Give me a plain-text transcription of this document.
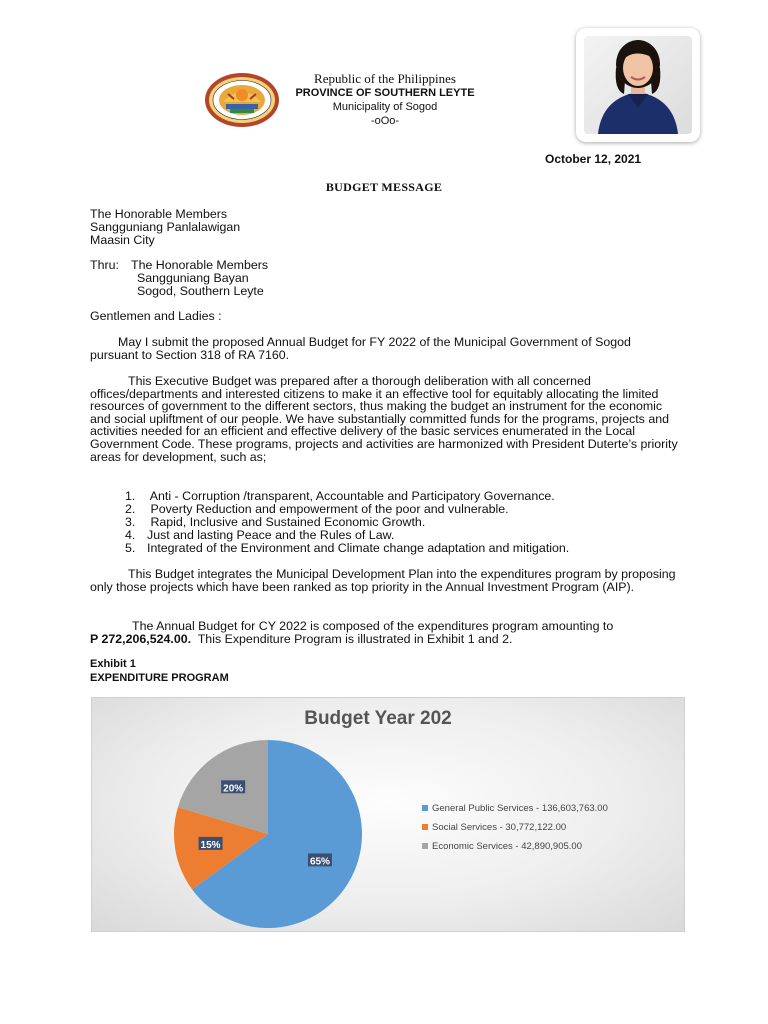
Republic of the Philippines
PROVINCE OF SOUTHERN LEYTE
Municipality of Sogod
-oOo-
October 12, 2021
BUDGET MESSAGE
The Honorable Members
Sangguniang Panlalawigan
Maasin City
Thru: The Honorable Members
Sangguniang Bayan
Sogod, Southern Leyte
Gentlemen and Ladies :
May I submit the proposed Annual Budget for FY 2022 of the Municipal Government of Sogod pursuant to Section 318 of RA 7160.
This Executive Budget was prepared after a thorough deliberation with all concerned offices/departments and interested citizens to make it an effective tool for equitably allocating the limited resources of government to the different sectors, thus making the budget an instrument for the economic and social upliftment of our people. We have substantially committed funds for the programs, projects and activities needed for an efficient and effective delivery of the basic services enumerated in the Local Government Code. These programs, projects and activities are harmonized with President Duterte’s priority areas for development, such as;
1. Anti - Corruption /transparent, Accountable and Participatory Governance.
2. Poverty Reduction and empowerment of the poor and vulnerable.
3. Rapid, Inclusive and Sustained Economic Growth.
4. Just and lasting Peace and the Rules of Law.
5. Integrated of the Environment and Climate change adaptation and mitigation.
This Budget integrates the Municipal Development Plan into the expenditures program by proposing only those projects which have been ranked as top priority in the Annual Investment Program (AIP).
The Annual Budget for CY 2022 is composed of the expenditures program amounting to
P 272,206,524.00. This Expenditure Program is illustrated in Exhibit 1 and 2.
Exhibit 1
EXPENDITURE PROGRAM
Budget Year 202
65%
15%
20%
General Public Services - 136,603,763.00
Social Services - 30,772,122.00
Economic Services - 42,890,905.00
